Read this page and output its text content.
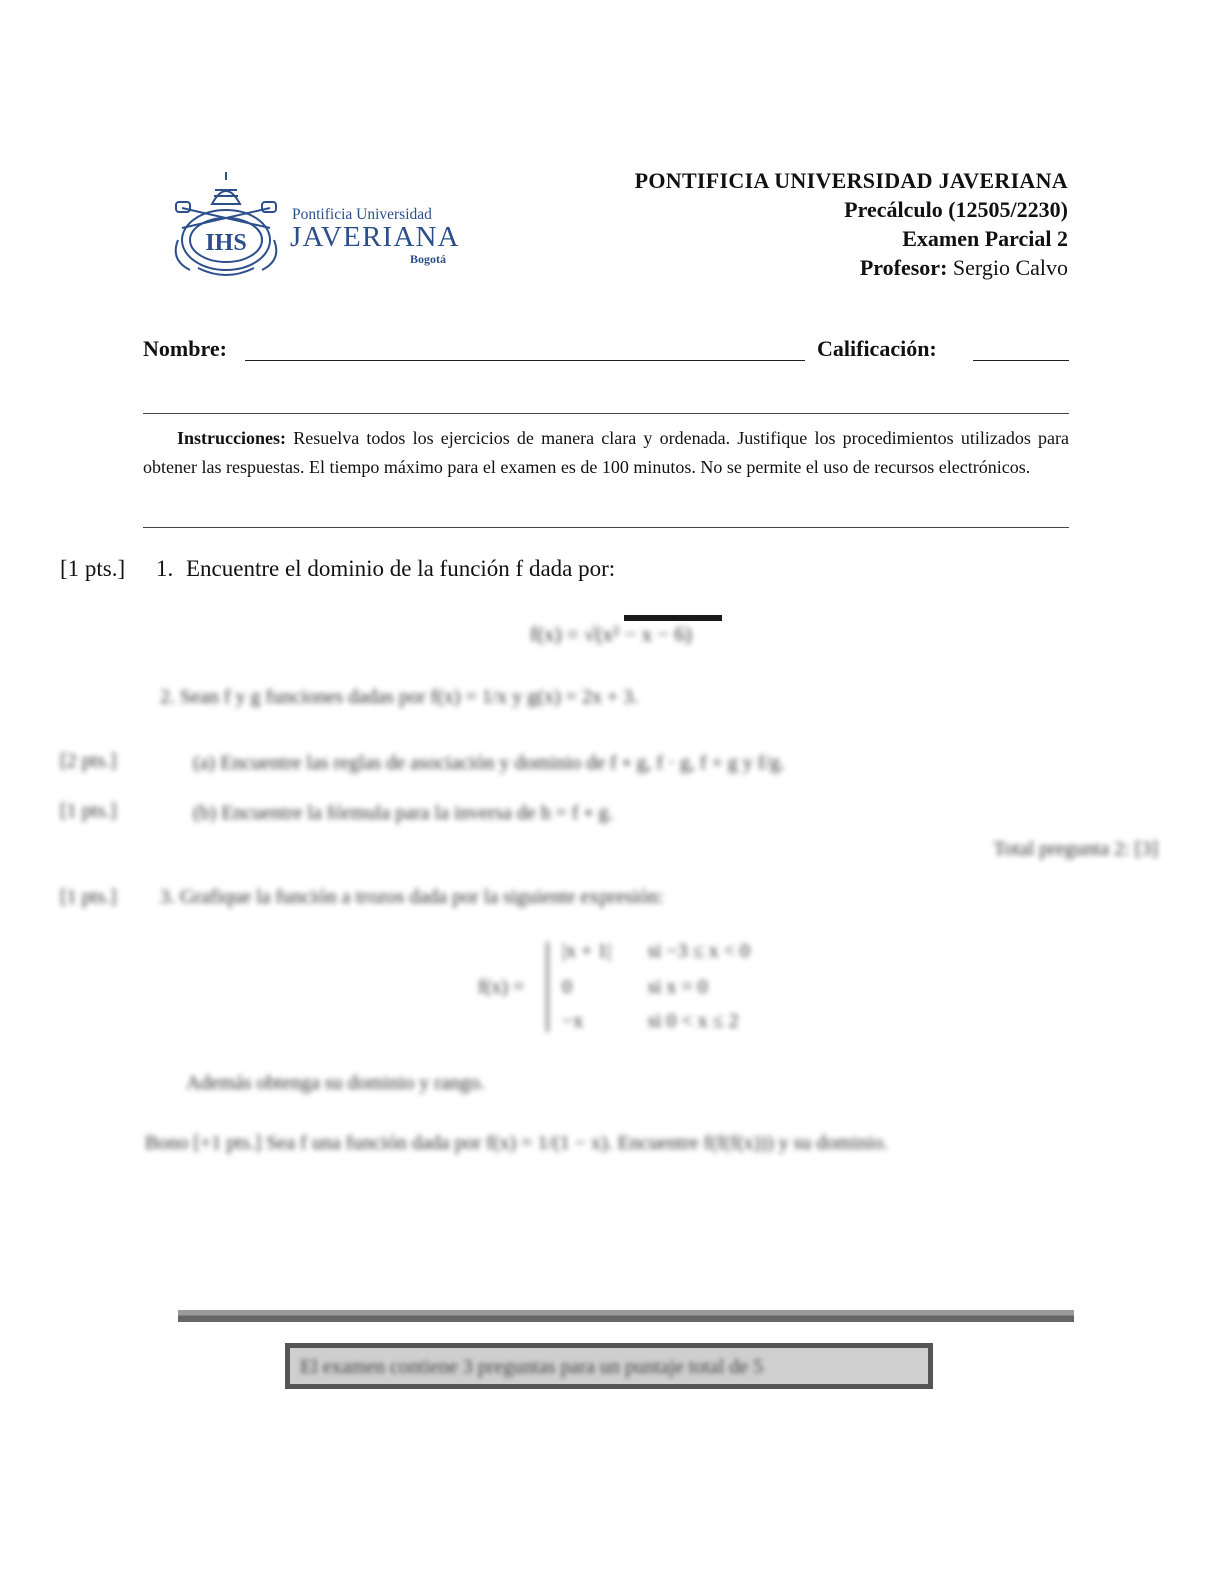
IHS
Pontificia Universidad
JAVERIANA
Bogotá
PONTIFICIA UNIVERSIDAD JAVERIANA
Precálculo (12505/2230)
Examen Parcial 2
Profesor: Sergio Calvo
Nombre:	Calificación:
Instrucciones: Resuelva todos los ejercicios de manera clara y ordenada. Justifique los procedimientos utilizados para obtener las respuestas. El tiempo máximo para el examen es de 100 minutos. No se permite el uso de recursos electrónicos.
[1 pts.] 1. Encuentre el dominio de la función f dada por:
f(x) = √(x² − x − 6)
2. Sean f y g funciones dadas por f(x) = 1/x y g(x) = 2x + 3.
[2 pts.]	(a) Encuentre las reglas de asociación y dominio de f ∘ g, f · g, f + g y f/g.
[1 pts.]	(b) Encuentre la fórmula para la inversa de h = f ∘ g.
Total pregunta 2: [3]
[1 pts.] 3. Grafique la función a trozos dada por la siguiente expresión:
f(x) =
|x + 1| si −3 ≤ x < 0
0	si x = 0
−x	si 0 < x ≤ 2
Además obtenga su dominio y rango.
Bono [+1 pts.] Sea f una función dada por f(x) = 1/(1 − x). Encuentre f(f(f(x))) y su dominio.
El examen contiene 3 preguntas para un puntaje total de 5
